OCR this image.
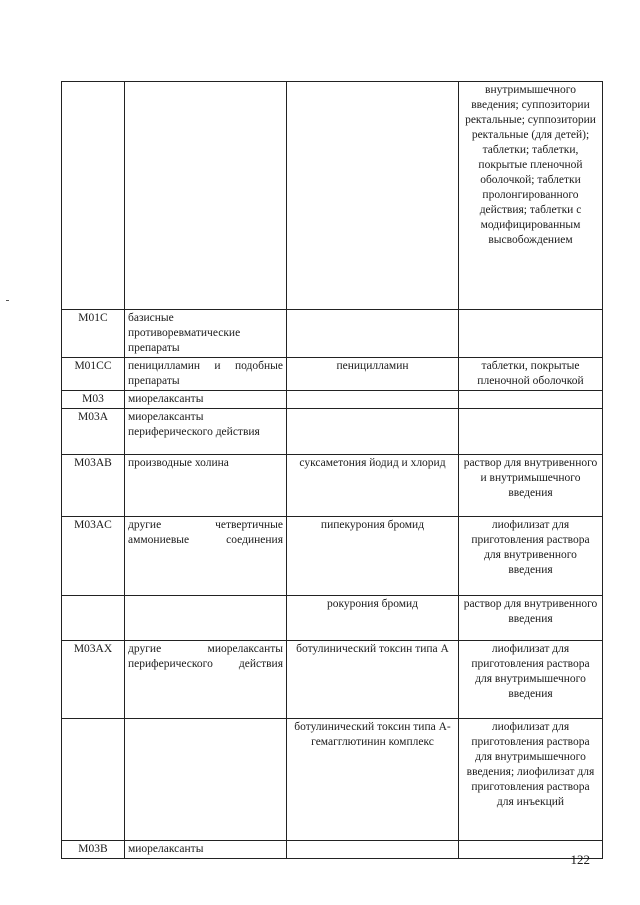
			внутримышечного введения; суппозитории ректальные; суппозитории ректальные (для детей); таблетки; таблетки, покрытые пленочной оболочкой; таблетки пролонгированного действия; таблетки с модифицированным высвобождением
M01C	базисные противоревматические препараты		
M01CC	пеницилламин и подобные препараты	пеницилламин	таблетки, покрытые пленочной оболочкой
M03	миорелаксанты		
M03A	миорелаксанты периферического действия		
M03AB	производные холина	суксаметония йодид и хлорид	раствор для внутривенного и внутримышечного введения
M03AC	другие четвертичные аммониевые соединения	пипекурония бромид	лиофилизат для приготовления раствора для внутривенного введения
		рокурония бромид	раствор для внутривенного введения
M03AX	другие миорелаксанты периферического действия	ботулинический токсин типа А	лиофилизат для приготовления раствора для внутримышечного введения
		ботулинический токсин типа А-гемагглютинин комплекс	лиофилизат для приготовления раствора для внутримышечного введения; лиофилизат для приготовления раствора для инъекций
M03B	миорелаксанты		
122
